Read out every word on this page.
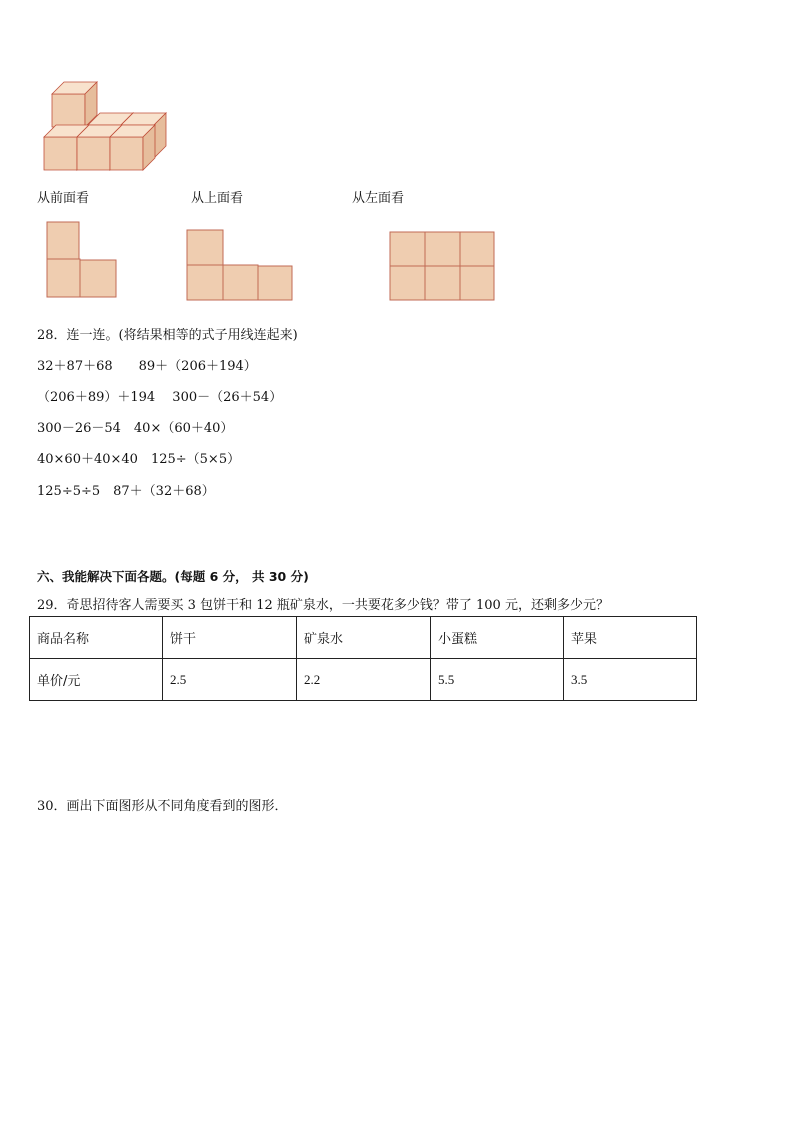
从前面看	从上面看	从左面看
28．连一连。(将结果相等的式子用线连起来)
32＋87＋68　　89＋（206＋194）
（206＋89）＋194　 300－（26＋54）
300－26－54　40×（60＋40）
40×60＋40×40　125÷（5×5）
125÷5÷5　87＋（32＋68）
六、我能解决下面各题。(每题 6 分， 共 30 分)
29．奇思招待客人需要买 3 包饼干和 12 瓶矿泉水，一共要花多少钱？带了 100 元，还剩多少元？
商品名称	饼干	矿泉水	小蛋糕	苹果
单价/元	2.5	2.2	5.5	3.5
30．画出下面图形从不同角度看到的图形．
